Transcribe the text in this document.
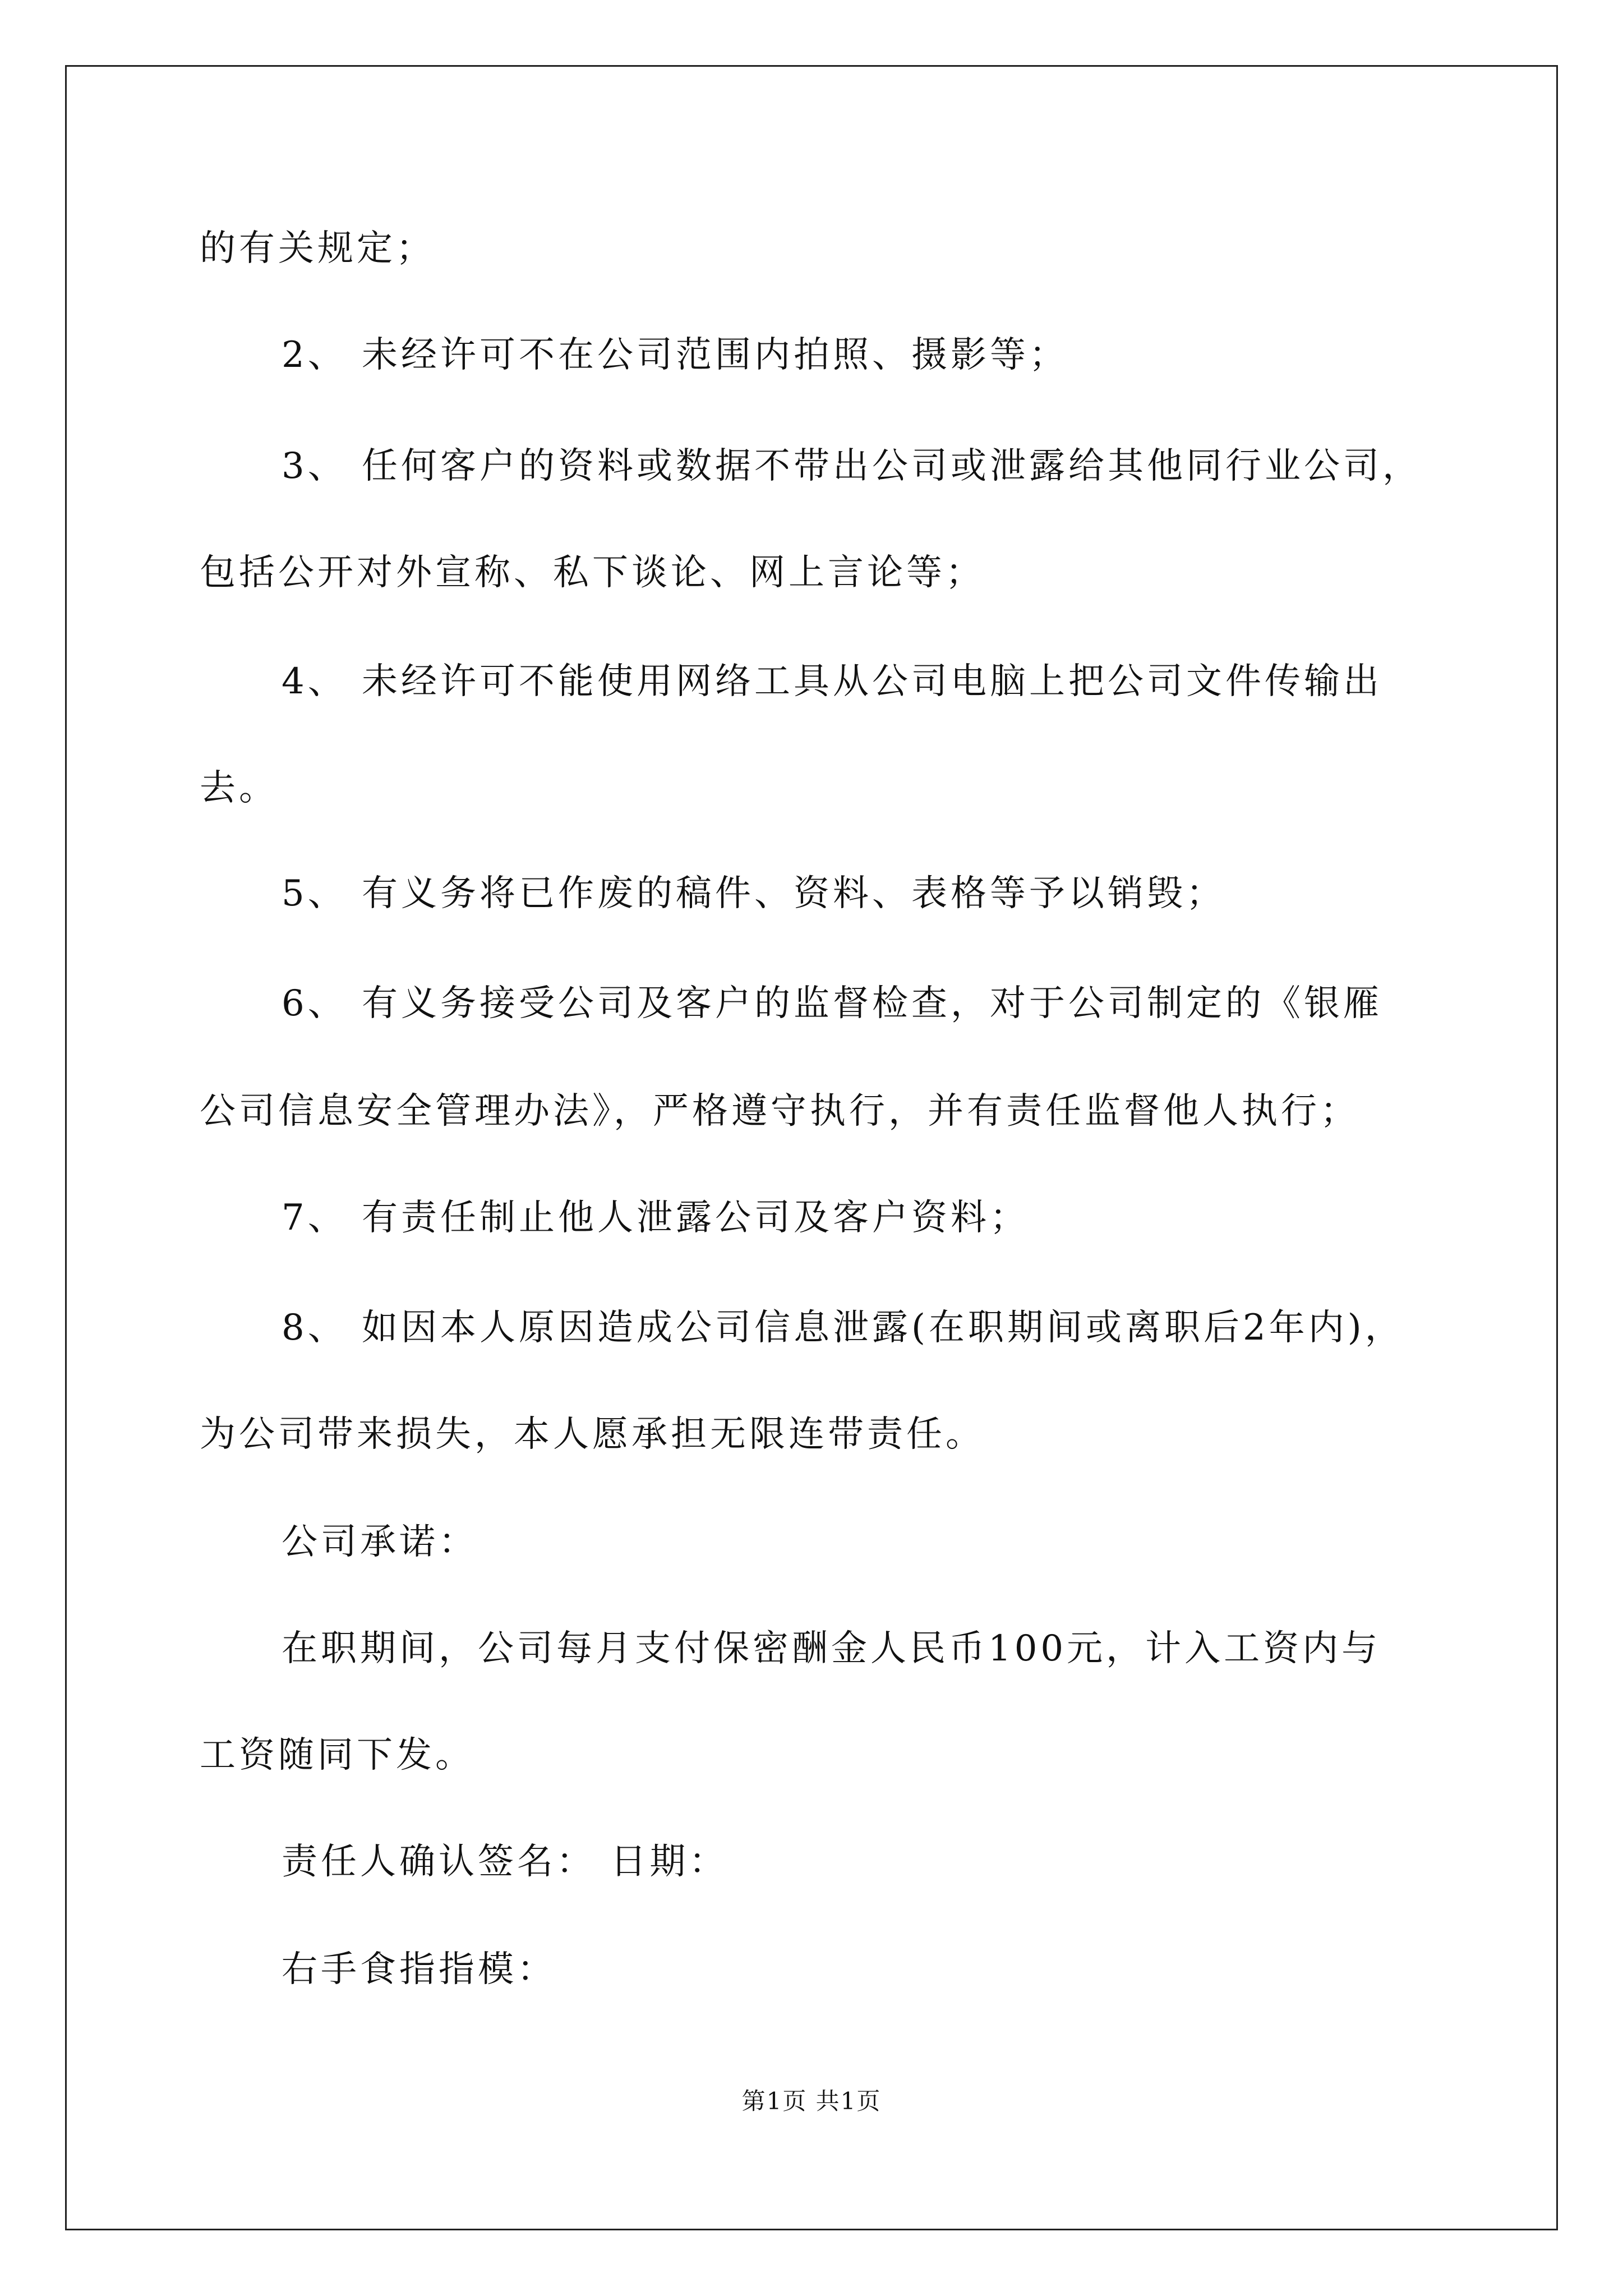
的有关规定；
2、 未经许可不在公司范围内拍照、摄影等；
3、 任何客户的资料或数据不带出公司或泄露给其他同行业公司，
包括公开对外宣称、私下谈论、网上言论等；
4、 未经许可不能使用网络工具从公司电脑上把公司文件传输出
去。
5、 有义务将已作废的稿件、资料、表格等予以销毁；
6、 有义务接受公司及客户的监督检查，对于公司制定的《银雁
公司信息安全管理办法》，严格遵守执行，并有责任监督他人执行；
7、 有责任制止他人泄露公司及客户资料；
8、 如因本人原因造成公司信息泄露(在职期间或离职后2年内)，
为公司带来损失，本人愿承担无限连带责任。
公司承诺：
在职期间，公司每月支付保密酬金人民币100元，计入工资内与
工资随同下发。
责任人确认签名： 日期：
右手食指指模：
第1页 共1页
